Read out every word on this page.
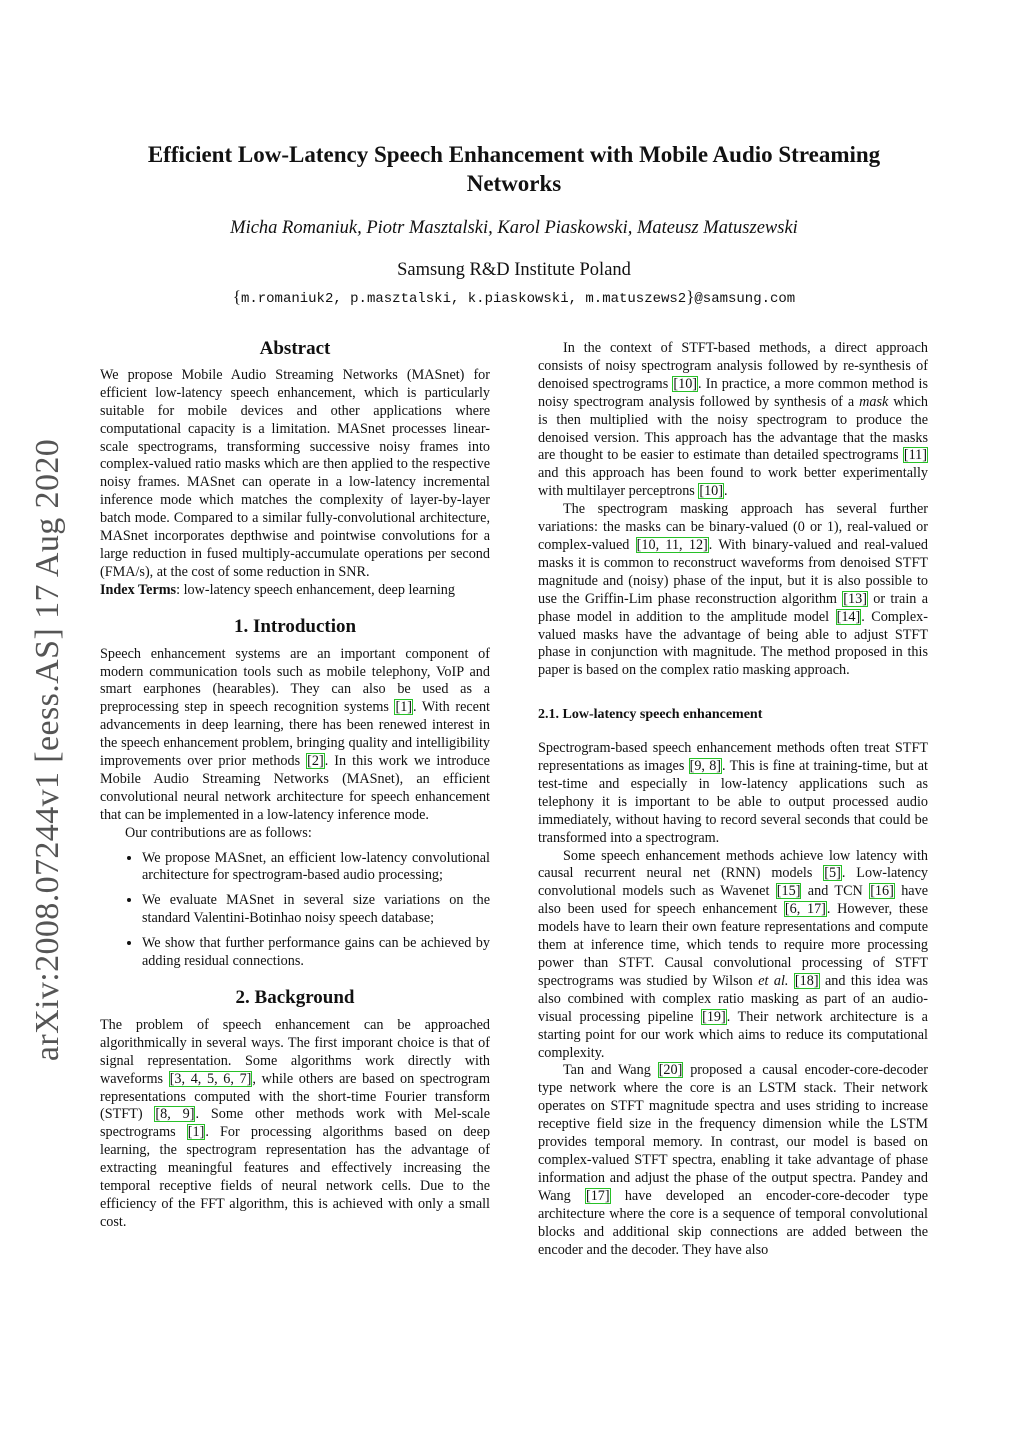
arXiv:2008.07244v1 [eess.AS] 17 Aug 2020
Efficient Low-Latency Speech Enhancement with Mobile Audio Streaming Networks
Micha Romaniuk, Piotr Masztalski, Karol Piaskowski, Mateusz Matuszewski
Samsung R&D Institute Poland
{m.romaniuk2, p.masztalski, k.piaskowski, m.matuszews2}@samsung.com
Abstract

We propose Mobile Audio Streaming Networks (MASnet) for efficient low-latency speech enhancement, which is particularly suitable for mobile devices and other applications where computational capacity is a limitation. MASnet processes linear-scale spectrograms, transforming successive noisy frames into complex-valued ratio masks which are then applied to the respective noisy frames. MASnet can operate in a low-latency incremental inference mode which matches the complexity of layer-by-layer batch mode. Compared to a similar fully-convolutional architecture, MASnet incorporates depthwise and pointwise convolutions for a large reduction in fused multiply-accumulate operations per second (FMA/s), at the cost of some reduction in SNR.

Index Terms: low-latency speech enhancement, deep learning

1. Introduction

Speech enhancement systems are an important component of modern communication tools such as mobile telephony, VoIP and smart earphones (hearables). They can also be used as a preprocessing step in speech recognition systems [1]. With recent advancements in deep learning, there has been renewed interest in the speech enhancement problem, bringing quality and intelligibility improvements over prior methods [2]. In this work we introduce Mobile Audio Streaming Networks (MASnet), an efficient convolutional neural network architecture for speech enhancement that can be implemented in a low-latency inference mode.

Our contributions are as follows:

• We propose MASnet, an efficient low-latency convolutional architecture for spectrogram-based audio processing;
• We evaluate MASnet in several size variations on the standard Valentini-Botinhao noisy speech database;
• We show that further performance gains can be achieved by adding residual connections.
2. Background

The problem of speech enhancement can be approached algorithmically in several ways. The first imporant choice is that of signal representation. Some algorithms work directly with waveforms [3, 4, 5, 6, 7], while others are based on spectrogram representations computed with the short-time Fourier transform (STFT) [8, 9]. Some other methods work with Mel-scale spectrograms [1]. For processing algorithms based on deep learning, the spectrogram representation has the advantage of extracting meaningful features and effectively increasing the temporal receptive fields of neural network cells. Due to the efficiency of the FFT algorithm, this is achieved with only a small cost.

In the context of STFT-based methods, a direct approach consists of noisy spectrogram analysis followed by re-synthesis of denoised spectrograms [10]. In practice, a more common method is noisy spectrogram analysis followed by synthesis of a mask which is then multiplied with the noisy spectrogram to produce the denoised version. This approach has the advantage that the masks are thought to be easier to estimate than detailed spectrograms [11] and this approach has been found to work better experimentally with multilayer perceptrons [10].

The spectrogram masking approach has several further variations: the masks can be binary-valued (0 or 1), real-valued or complex-valued [10, 11, 12]. With binary-valued and real-valued masks it is common to reconstruct waveforms from denoised STFT magnitude and (noisy) phase of the input, but it is also possible to use the Griffin-Lim phase reconstruction algorithm [13] or train a phase model in addition to the amplitude model [14]. Complex-valued masks have the advantage of being able to adjust STFT phase in conjunction with magnitude. The method proposed in this paper is based on the complex ratio masking approach.

2.1. Low-latency speech enhancement

Spectrogram-based speech enhancement methods often treat STFT representations as images [9, 8]. This is fine at training-time, but at test-time and especially in low-latency applications such as telephony it is important to be able to output processed audio immediately, without having to record several seconds that could be transformed into a spectrogram.

Some speech enhancement methods achieve low latency with causal recurrent neural net (RNN) models [5]. Low-latency convolutional models such as Wavenet [15] and TCN [16] have also been used for speech enhancement [6, 17]. However, these models have to learn their own feature representations and compute them at inference time, which tends to require more processing power than STFT. Causal convolutional processing of STFT spectrograms was studied by Wilson et al. [18] and this idea was also combined with complex ratio masking as part of an audio-visual processing pipeline [19]. Their network architecture is a starting point for our work which aims to reduce its computational complexity.

Tan and Wang [20] proposed a causal encoder-core-decoder type network where the core is an LSTM stack. Their network operates on STFT magnitude spectra and uses striding to increase receptive field size in the frequency dimension while the LSTM provides temporal memory. In contrast, our model is based on complex-valued STFT spectra, enabling it take advantage of phase information and adjust the phase of the output spectra. Pandey and Wang [17] have developed an encoder-core-decoder type architecture where the core is a sequence of temporal convolutional blocks and additional skip connections are added between the encoder and the decoder. They have also
